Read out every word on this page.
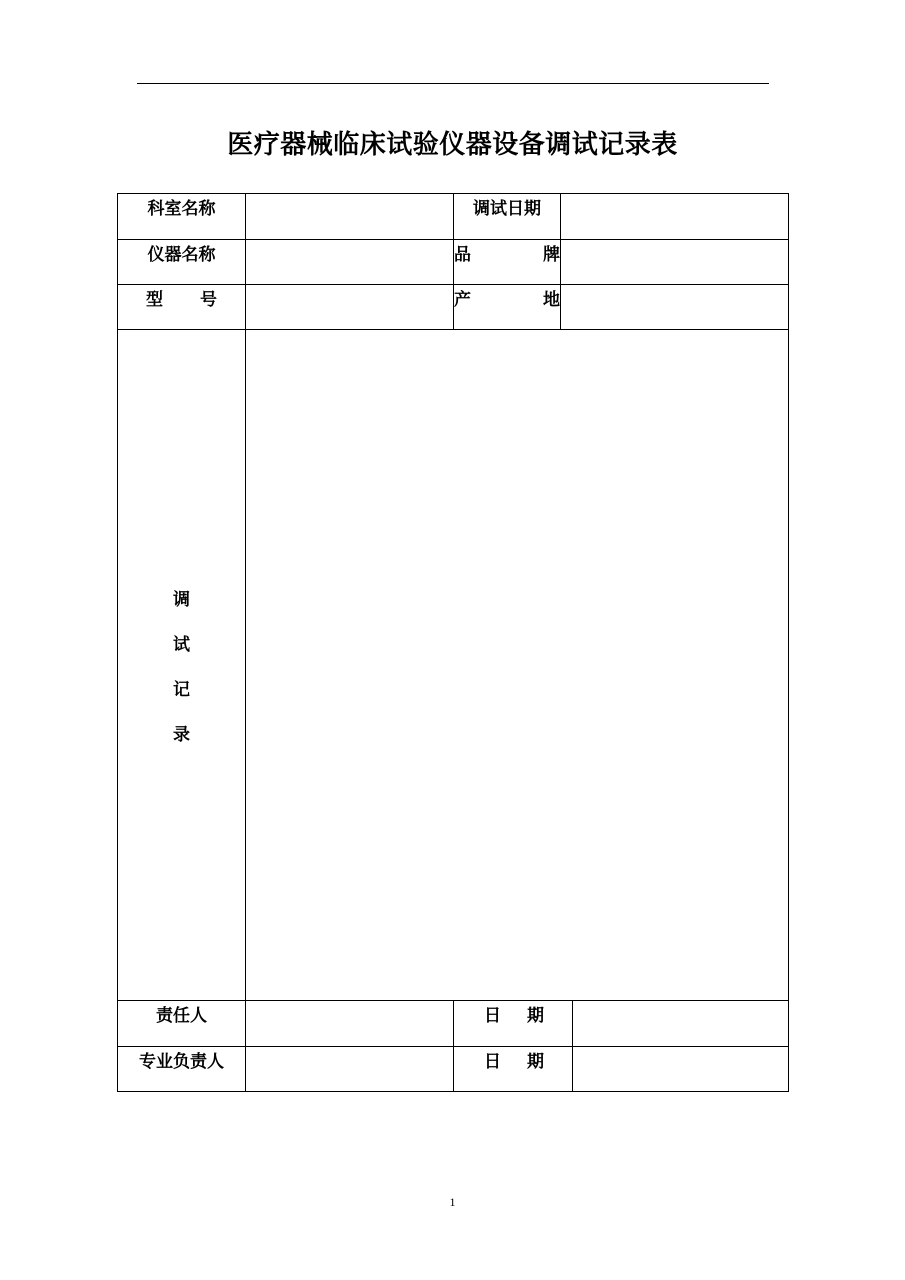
医疗器械临床试验仪器设备调试记录表
科室名称		调试日期		
仪器名称		品 牌		

型 号		产 地		

调
试
记
录				

责任人		日 期		

专业负责人		日 期		

1
